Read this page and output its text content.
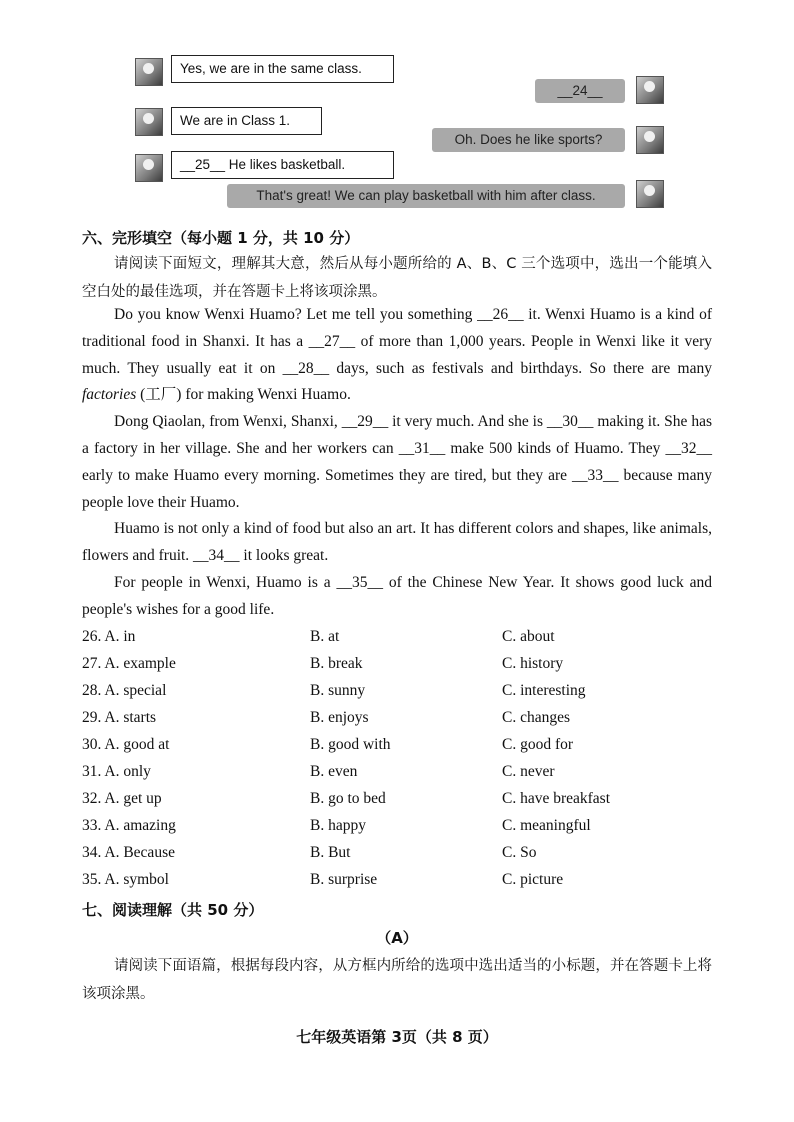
Yes, we are in the same class.
__24__
We are in Class 1.
Oh. Does he like sports?
__25__ He likes basketball.
That's great! We can play basketball with him after class.
六、完形填空（每小题 1 分，共 10 分）

请阅读下面短文，理解其大意，然后从每小题所给的 A、B、C 三个选项中，选出一个能填入空白处的最佳选项，并在答题卡上将该项涂黑。

Do you know Wenxi Huamo? Let me tell you something __26__ it. Wenxi Huamo is a kind of traditional food in Shanxi. It has a __27__ of more than 1,000 years. People in Wenxi like it very much. They usually eat it on __28__ days, such as festivals and birthdays. So there are many factories (工厂) for making Wenxi Huamo.

Dong Qiaolan, from Wenxi, Shanxi, __29__ it very much. And she is __30__ making it. She has a factory in her village. She and her workers can __31__ make 500 kinds of Huamo. They __32__ early to make Huamo every morning. Sometimes they are tired, but they are __33__ because many people love their Huamo.

Huamo is not only a kind of food but also an art. It has different colors and shapes, like animals, flowers and fruit. __34__ it looks great.

For people in Wenxi, Huamo is a __35__ of the Chinese New Year. It shows good luck and people's wishes for a good life.

26. A. in	B. at	C. about
27. A. example	B. break	C. history
28. A. special	B. sunny	C. interesting
29. A. starts	B. enjoys	C. changes
30. A. good at	B. good with	C. good for
31. A. only	B. even	C. never
32. A. get up	B. go to bed	C. have breakfast
33. A. amazing	B. happy	C. meaningful
34. A. Because	B. But	C. So
35. A. symbol	B. surprise	C. picture
七、阅读理解（共 50 分）
（A）

请阅读下面语篇，根据每段内容，从方框内所给的选项中选出适当的小标题，并在答题卡上将该项涂黑。

七年级英语第 3页（共 8 页）
